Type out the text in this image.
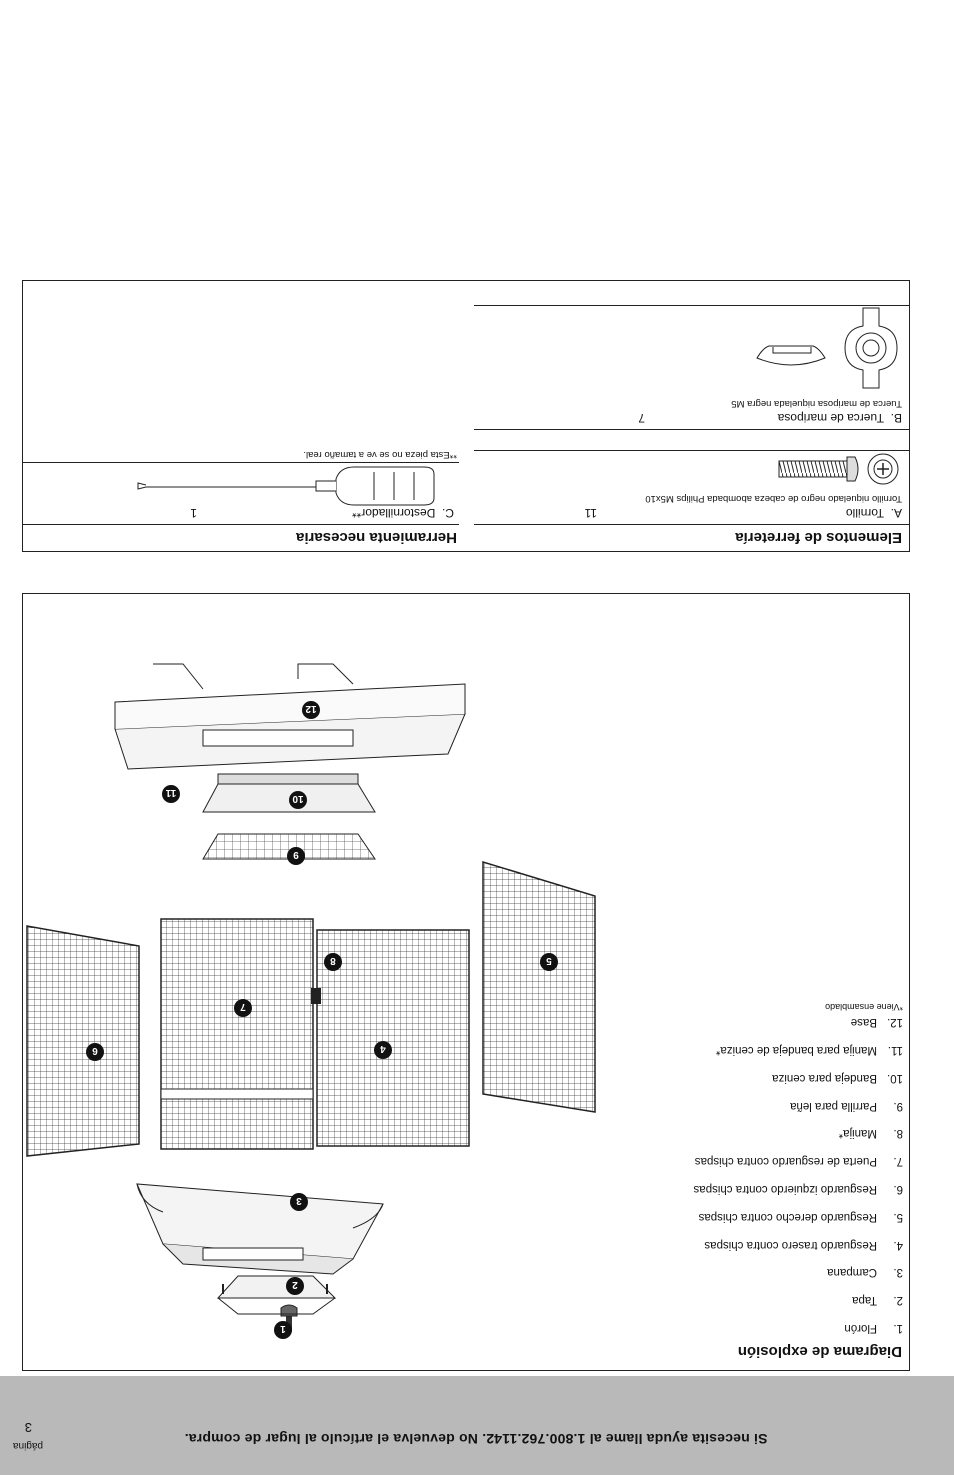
Si necesita ayuda llame al 1.800.762.1142. No devuelva el artículo al lugar de compra.
página
3
Diagrama de explosión
1.Florón
2.Tapa
3.Campana
4.Resguardo trasero contra chispas
5.Resguardo derecho contra chispas
6.Resguardo izquierdo contra chispas
7.Puerta de resguardo contra chispas
8.Manija*
9.Parrilla para leña
10.Bandeja para ceniza
11.Manija para bandeja de ceniza*
12.Base
*Viene ensamblado
1
2
3
4
5
6
7
8
9
10
11
12
Elementos de ferretería
A.  Tornillo
11
Tornillo niquelado negro de cabeza abombada Philips M5x10
B.  Tuerca de mariposa
7
Tuerca de mariposa niquelada negra M5
Herramienta necesaria
C.  Destornillador**
1
**Esta pieza no se ve a tamaño real.
